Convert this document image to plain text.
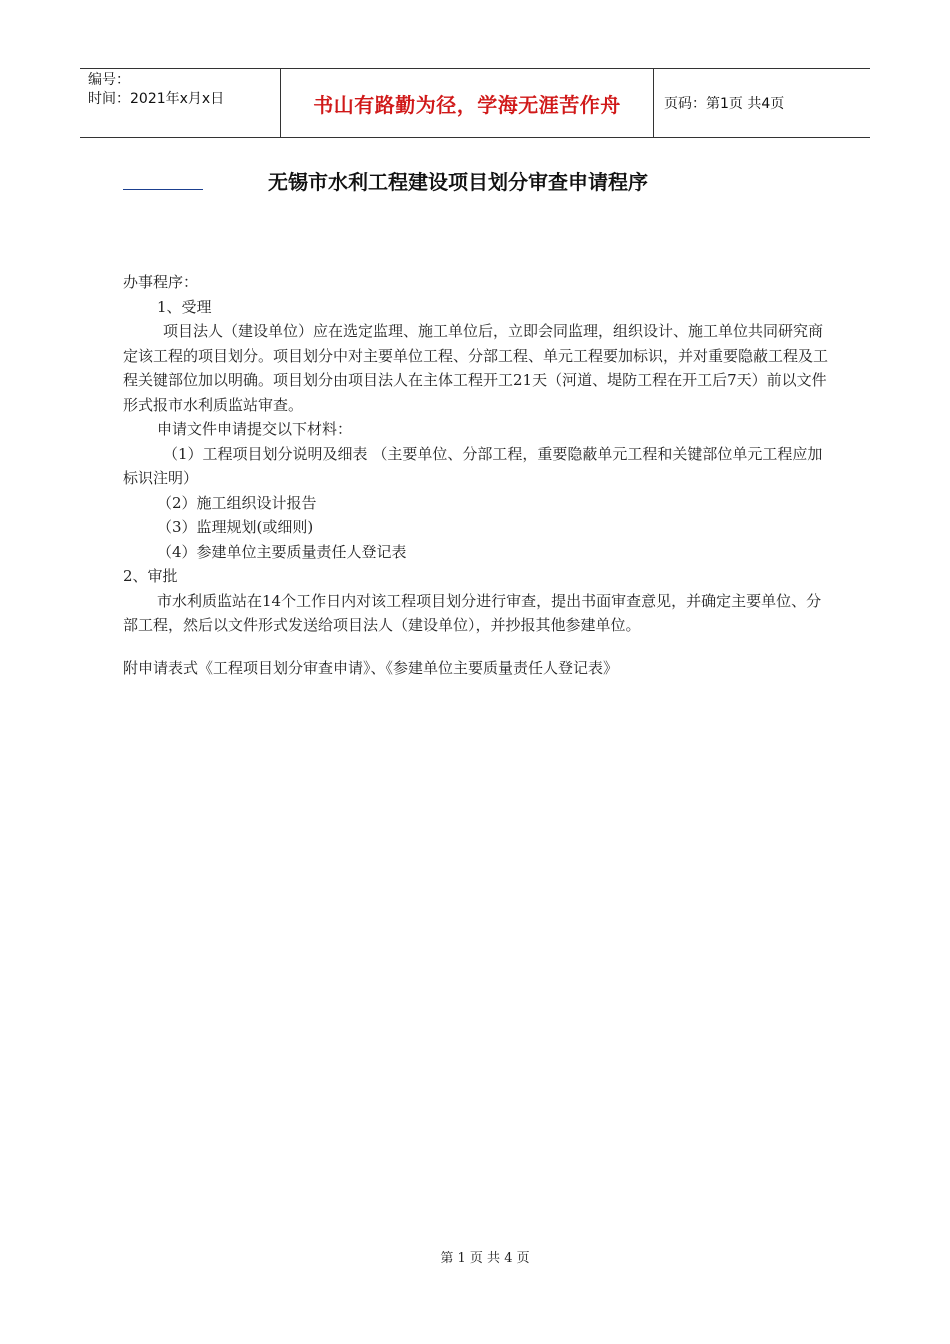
编号：
时间：2021年x月x日	书山有路勤为径，学海无涯苦作舟	页码：第1页 共4页
无锡市水利工程建设项目划分审查申请程序

办事程序：

1、受理

项目法人（建设单位）应在选定监理、施工单位后，立即会同监理，组织设计、施工单位共同研究商定该工程的项目划分。项目划分中对主要单位工程、分部工程、单元工程要加标识，并对重要隐蔽工程及工程关键部位加以明确。项目划分由项目法人在主体工程开工21天（河道、堤防工程在开工后7天）前以文件形式报市水利质监站审查。

申请文件申请提交以下材料：

（1）工程项目划分说明及细表 （主要单位、分部工程，重要隐蔽单元工程和关键部位单元工程应加标识注明）

（2）施工组织设计报告

（3）监理规划(或细则)

（4）参建单位主要质量责任人登记表

2、审批

市水利质监站在14个工作日内对该工程项目划分进行审查，提出书面审查意见，并确定主要单位、分部工程，然后以文件形式发送给项目法人（建设单位），并抄报其他参建单位。

附申请表式《工程项目划分审查申请》、《参建单位主要质量责任人登记表》

第 1 页 共 4 页
